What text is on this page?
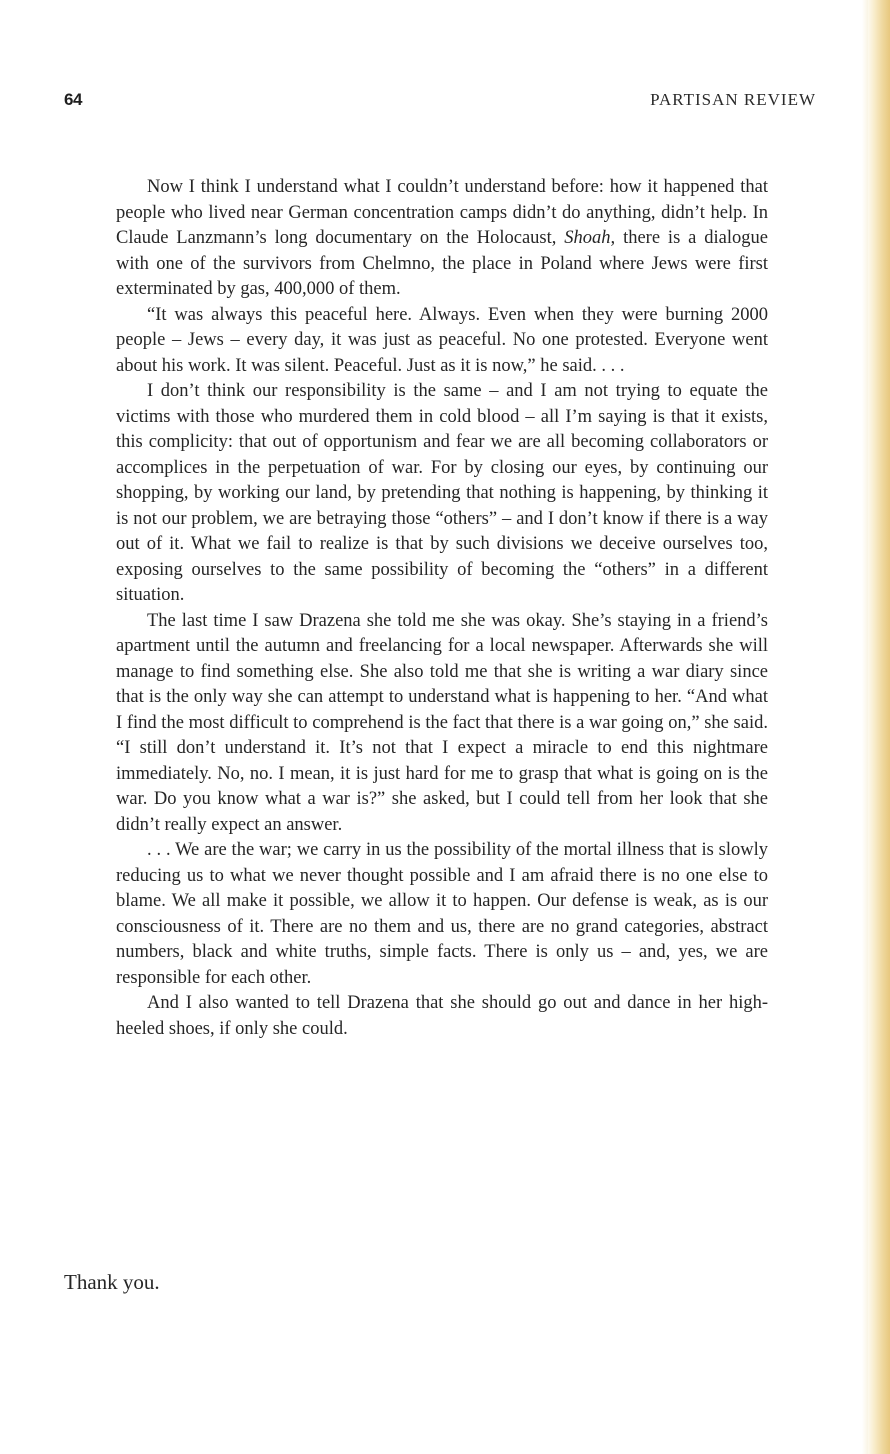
64	PARTISAN REVIEW

Now I think I understand what I couldn’t understand before: how it happened that people who lived near German concentration camps didn’t do anything, didn’t help. In Claude Lanzmann’s long documentary on the Holocaust, Shoah, there is a dialogue with one of the survivors from Chelmno, the place in Poland where Jews were first exterminated by gas, 400,000 of them.

“It was always this peaceful here. Always. Even when they were burning 2000 people – Jews – every day, it was just as peaceful. No one protested. Everyone went about his work. It was silent. Peaceful. Just as it is now,” he said. . . .

I don’t think our responsibility is the same – and I am not trying to equate the victims with those who murdered them in cold blood – all I’m saying is that it exists, this complicity: that out of opportunism and fear we are all becoming collaborators or accomplices in the perpetuation of war. For by closing our eyes, by continuing our shopping, by working our land, by pretending that nothing is happening, by thinking it is not our problem, we are betraying those “others” – and I don’t know if there is a way out of it. What we fail to realize is that by such divisions we deceive ourselves too, exposing ourselves to the same possibility of becoming the “others” in a different situation.

The last time I saw Drazena she told me she was okay. She’s staying in a friend’s apartment until the autumn and freelancing for a local newspaper. Afterwards she will manage to find something else. She also told me that she is writing a war diary since that is the only way she can attempt to understand what is happening to her. “And what I find the most difficult to comprehend is the fact that there is a war going on,” she said. “I still don’t understand it. It’s not that I expect a miracle to end this nightmare immediately. No, no. I mean, it is just hard for me to grasp that what is going on is the war. Do you know what a war is?” she asked, but I could tell from her look that she didn’t really expect an answer.

. . . We are the war; we carry in us the possibility of the mortal illness that is slowly reducing us to what we never thought possible and I am afraid there is no one else to blame. We all make it possible, we allow it to happen. Our defense is weak, as is our consciousness of it. There are no them and us, there are no grand categories, abstract numbers, black and white truths, simple facts. There is only us – and, yes, we are responsible for each other.

And I also wanted to tell Drazena that she should go out and dance in her high-heeled shoes, if only she could.

Thank you.
